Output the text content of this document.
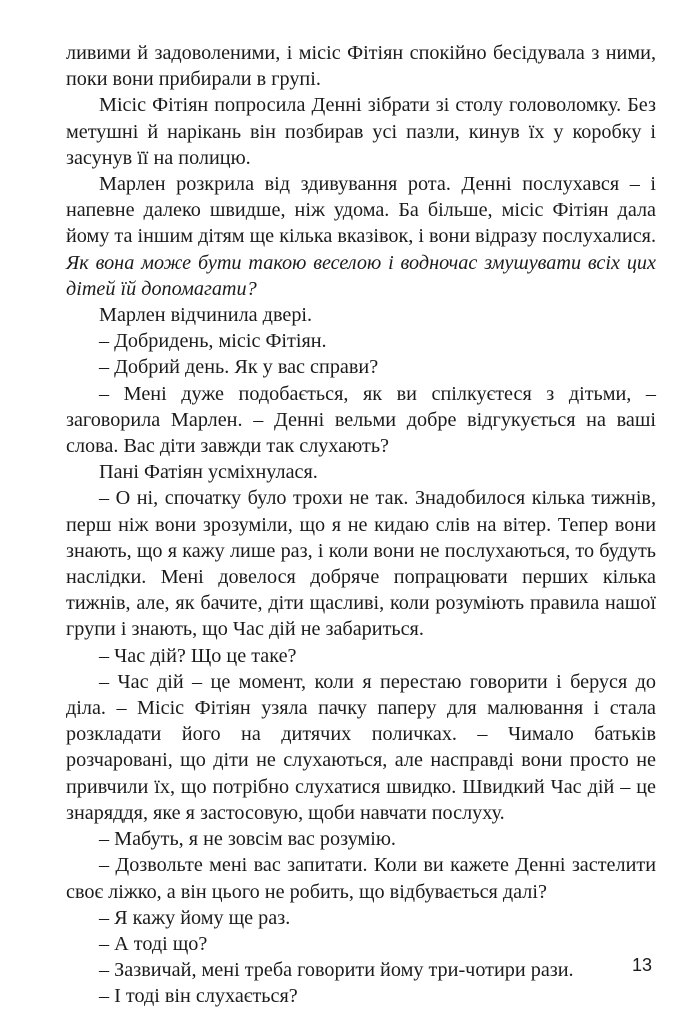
ливими й задоволеними, і місіс Фітіян спокійно бесідувала з ними, поки вони прибирали в групі.

Місіс Фітіян попросила Денні зібрати зі столу головоломку. Без метушні й нарікань він позбирав усі пазли, кинув їх у коробку і засунув її на полицю.

Марлен розкрила від здивування рота. Денні послухався – і напевне далеко швидше, ніж удома. Ба більше, місіс Фітіян дала йому та іншим дітям ще кілька вказівок, і вони відразу послухалися. Як вона може бути такою веселою і водночас змушувати всіх цих дітей їй допомагати?

Марлен відчинила двері.

– Добридень, місіс Фітіян.

– Добрий день. Як у вас справи?

– Мені дуже подобається, як ви спілкуєтеся з дітьми, – заговорила Марлен. – Денні вельми добре відгукується на ваші слова. Вас діти завжди так слухають?

Пані Фатіян усміхнулася.

– О ні, спочатку було трохи не так. Знадобилося кілька тижнів, перш ніж вони зрозуміли, що я не кидаю слів на вітер. Тепер вони знають, що я кажу лише раз, і коли вони не послухаються, то будуть наслідки. Мені довелося добряче попрацювати перших кілька тижнів, але, як бачите, діти щасливі, коли розуміють правила нашої групи і знають, що Час дій не забариться.

– Час дій? Що це таке?

– Час дій – це момент, коли я перестаю говорити і беруся до діла. – Місіс Фітіян узяла пачку паперу для малювання і стала розкладати його на дитячих поличках. – Чимало батьків розчаровані, що діти не слухаються, але насправді вони просто не привчили їх, що потрібно слухатися швидко. Швидкий Час дій – це знаряддя, яке я застосовую, щоби навчати послуху.

– Мабуть, я не зовсім вас розумію.

– Дозвольте мені вас запитати. Коли ви кажете Денні застелити своє ліжко, а він цього не робить, що відбувається далі?

– Я кажу йому ще раз.

– А тоді що?

– Зазвичай, мені треба говорити йому три-чотири рази.

– І тоді він слухається?

13
